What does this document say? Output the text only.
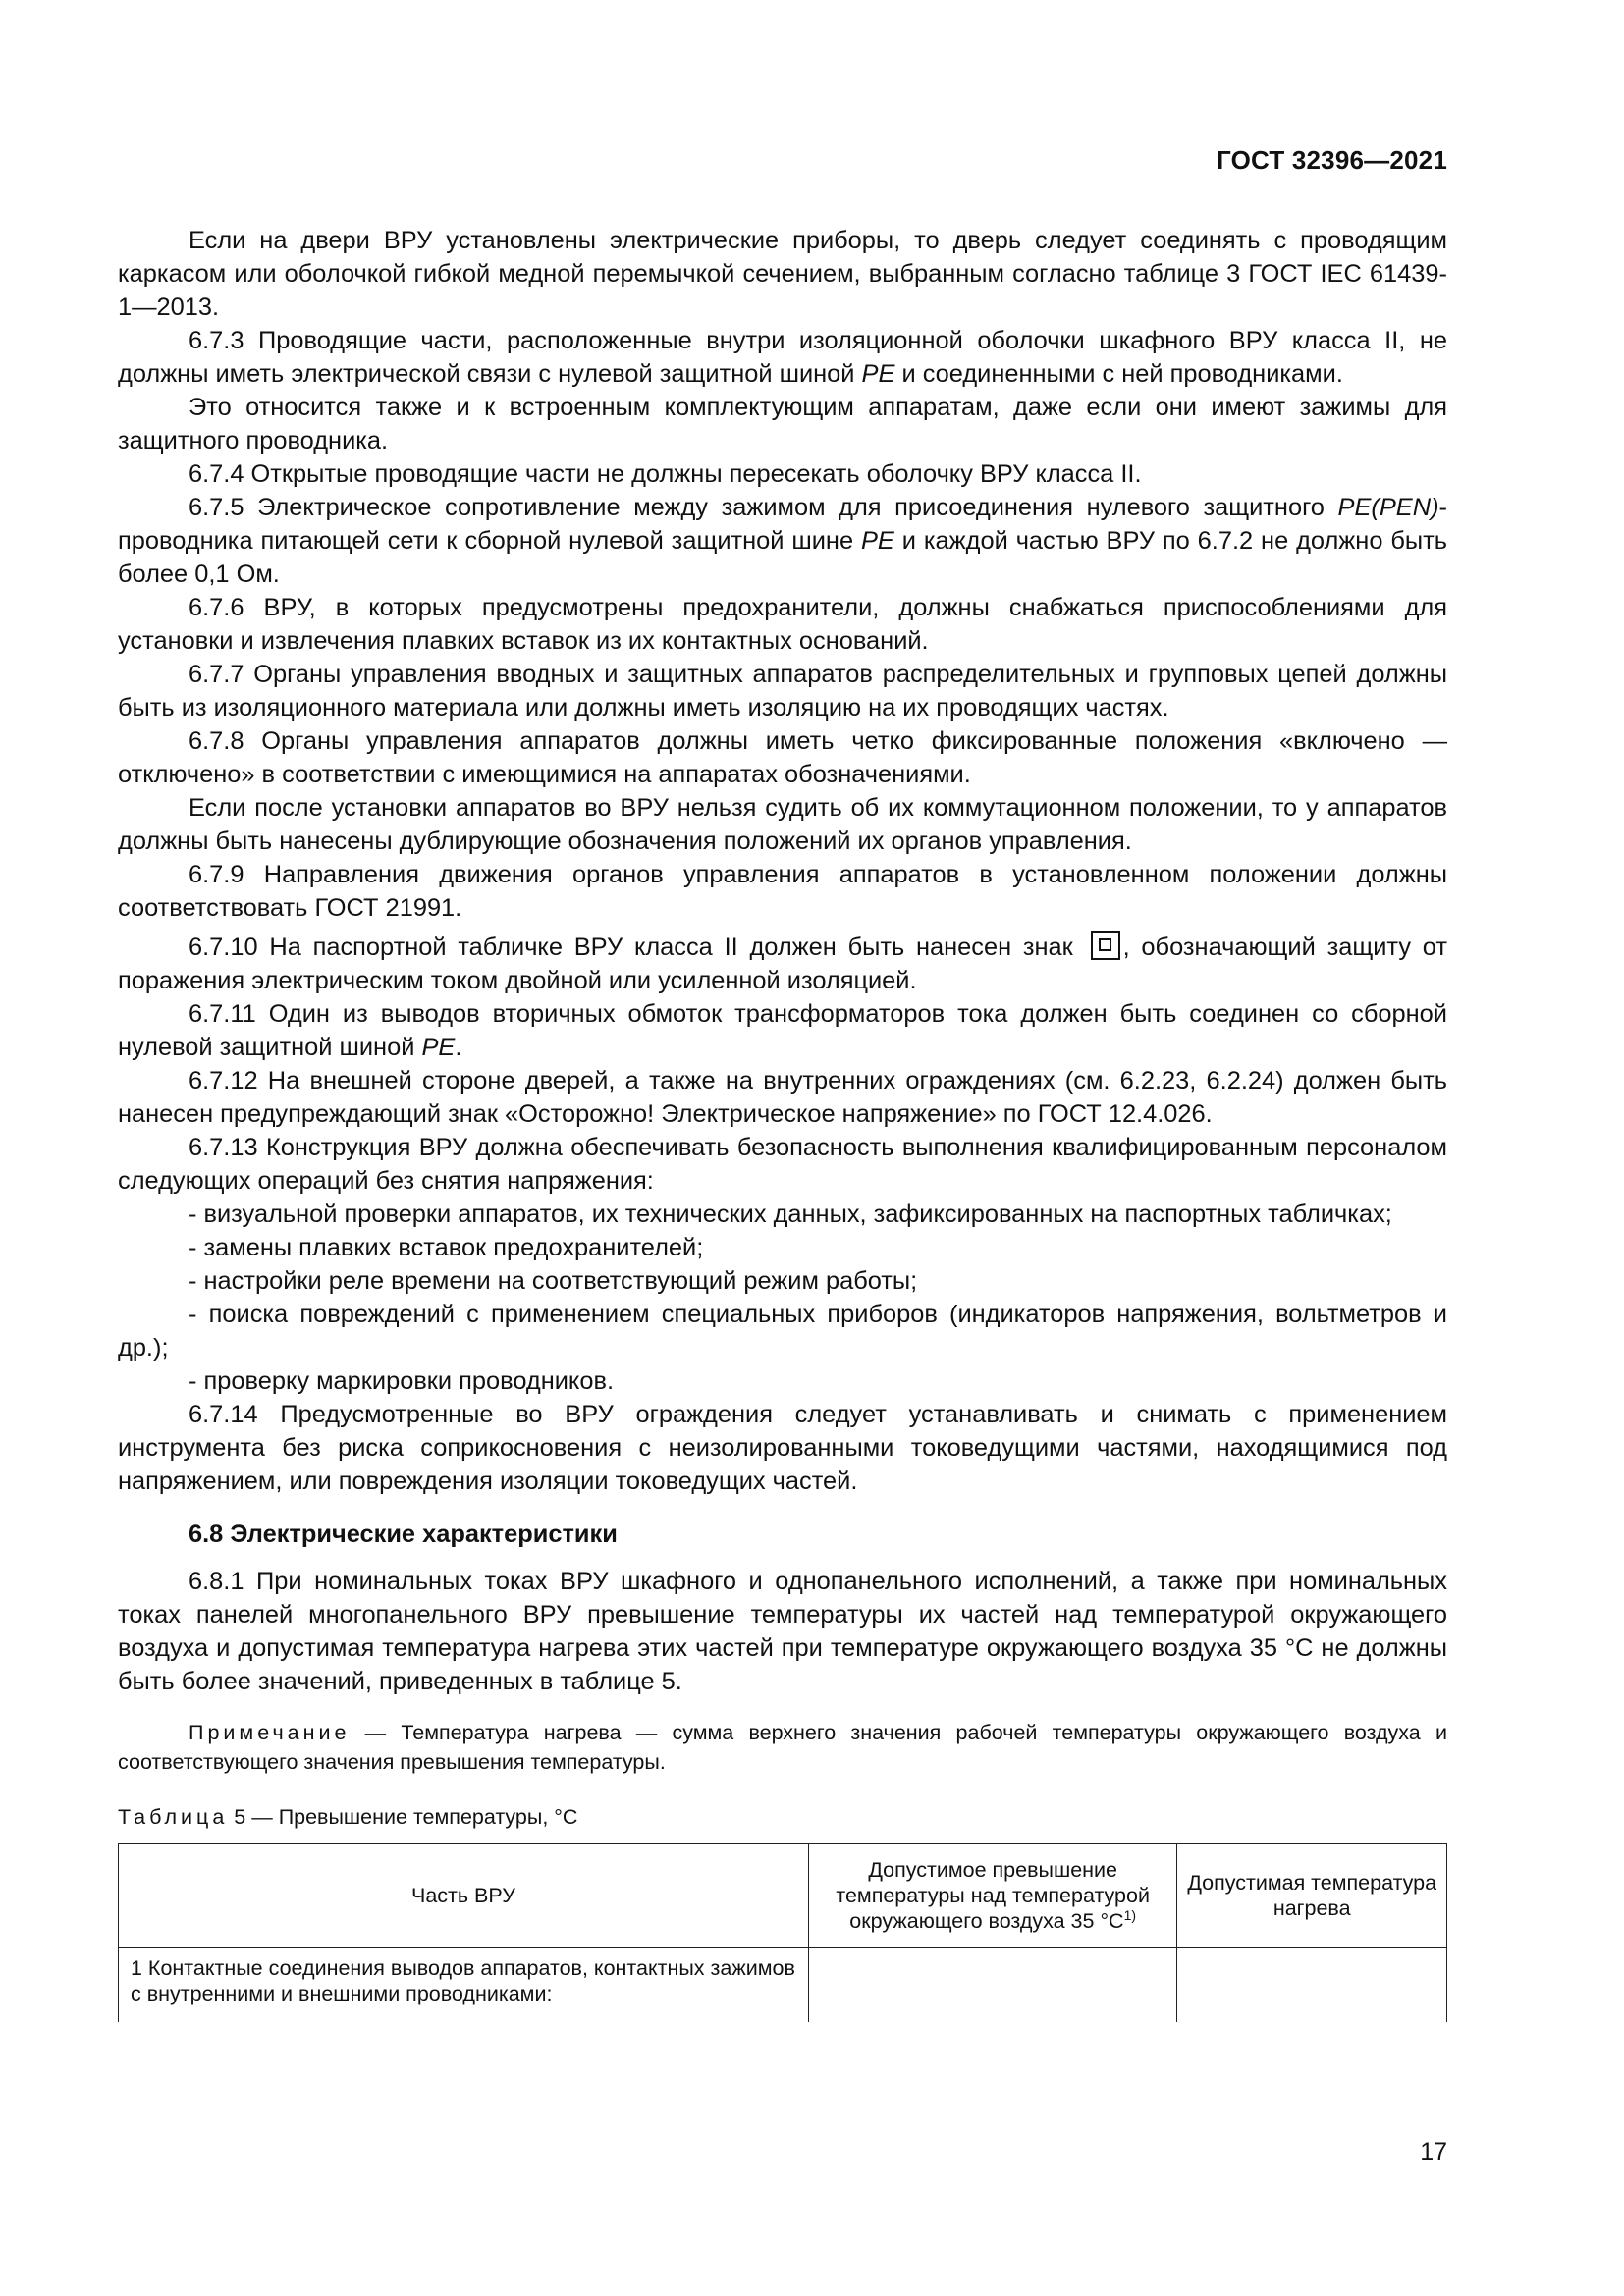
ГОСТ 32396—2021

Если на двери ВРУ установлены электрические приборы, то дверь следует соединять с проводящим каркасом или оболочкой гибкой медной перемычкой сечением, выбранным согласно таблице 3 ГОСТ IEC 61439-1—2013.

6.7.3 Проводящие части, расположенные внутри изоляционной оболочки шкафного ВРУ класса II, не должны иметь электрической связи с нулевой защитной шиной PE и соединенными с ней проводниками.

Это относится также и к встроенным комплектующим аппаратам, даже если они имеют зажимы для защитного проводника.

6.7.4 Открытые проводящие части не должны пересекать оболочку ВРУ класса II.

6.7.5 Электрическое сопротивление между зажимом для присоединения нулевого защитного PE(PEN)-проводника питающей сети к сборной нулевой защитной шине PE и каждой частью ВРУ по 6.7.2 не должно быть более 0,1 Ом.

6.7.6 ВРУ, в которых предусмотрены предохранители, должны снабжаться приспособлениями для установки и извлечения плавких вставок из их контактных оснований.

6.7.7 Органы управления вводных и защитных аппаратов распределительных и групповых цепей должны быть из изоляционного материала или должны иметь изоляцию на их проводящих частях.

6.7.8 Органы управления аппаратов должны иметь четко фиксированные положения «включено — отключено» в соответствии с имеющимися на аппаратах обозначениями.

Если после установки аппаратов во ВРУ нельзя судить об их коммутационном положении, то у аппаратов должны быть нанесены дублирующие обозначения положений их органов управления.

6.7.9 Направления движения органов управления аппаратов в установленном положении должны соответствовать ГОСТ 21991.

6.7.10 На паспортной табличке ВРУ класса II должен быть нанесен знак , обозначающий защиту от поражения электрическим током двойной или усиленной изоляцией.

6.7.11 Один из выводов вторичных обмоток трансформаторов тока должен быть соединен со сборной нулевой защитной шиной PE.

6.7.12 На внешней стороне дверей, а также на внутренних ограждениях (см. 6.2.23, 6.2.24) должен быть нанесен предупреждающий знак «Осторожно! Электрическое напряжение» по ГОСТ 12.4.026.

6.7.13 Конструкция ВРУ должна обеспечивать безопасность выполнения квалифицированным персоналом следующих операций без снятия напряжения:

- визуальной проверки аппаратов, их технических данных, зафиксированных на паспортных табличках;

- замены плавких вставок предохранителей;

- настройки реле времени на соответствующий режим работы;

- поиска повреждений с применением специальных приборов (индикаторов напряжения, вольтметров и др.);

- проверку маркировки проводников.

6.7.14 Предусмотренные во ВРУ ограждения следует устанавливать и снимать с применением инструмента без риска соприкосновения с неизолированными токоведущими частями, находящимися под напряжением, или повреждения изоляции токоведущих частей.

6.8 Электрические характеристики

6.8.1 При номинальных токах ВРУ шкафного и однопанельного исполнений, а также при номинальных токах панелей многопанельного ВРУ превышение температуры их частей над температурой окружающего воздуха и допустимая температура нагрева этих частей при температуре окружающего воздуха 35 °С не должны быть более значений, приведенных в таблице 5.

Примечание — Температура нагрева — сумма верхнего значения рабочей температуры окружающего воздуха и соответствующего значения превышения температуры.

Таблица 5 — Превышение температуры, °С
Часть ВРУ	Допустимое превышение температуры над температурой окружающего воздуха 35 $^\circ С^{1)}$	Допустимая температура нагрева
1 Контактные соединения выводов аппаратов, контактных зажимов с внутренними и внешними проводниками:		
17
